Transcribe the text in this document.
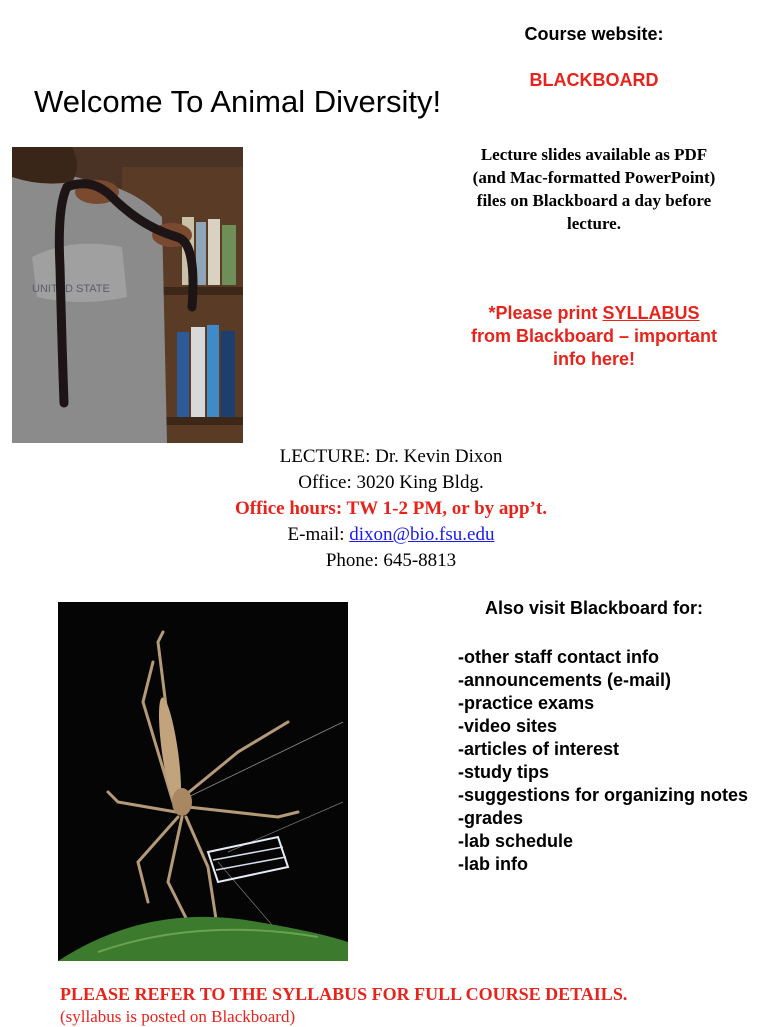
Course website:
BLACKBOARD
Welcome To Animal Diversity!
UNITED STATE
Lecture slides available as PDF
(and Mac-formatted PowerPoint)
files on Blackboard a day before
lecture.
*Please print SYLLABUS
from Blackboard – important
info here!
LECTURE: Dr. Kevin Dixon
Office: 3020 King Bldg.
Office hours: TW 1-2 PM, or by app’t.
E-mail: dixon@bio.fsu.edu
Phone: 645-8813
Also visit Blackboard for:
-other staff contact info
-announcements (e-mail)
-practice exams
-video sites
-articles of interest
-study tips
-suggestions for organizing notes
-grades
-lab schedule
-lab info
PLEASE REFER TO THE SYLLABUS FOR FULL COURSE DETAILS.
(syllabus is posted on Blackboard)
